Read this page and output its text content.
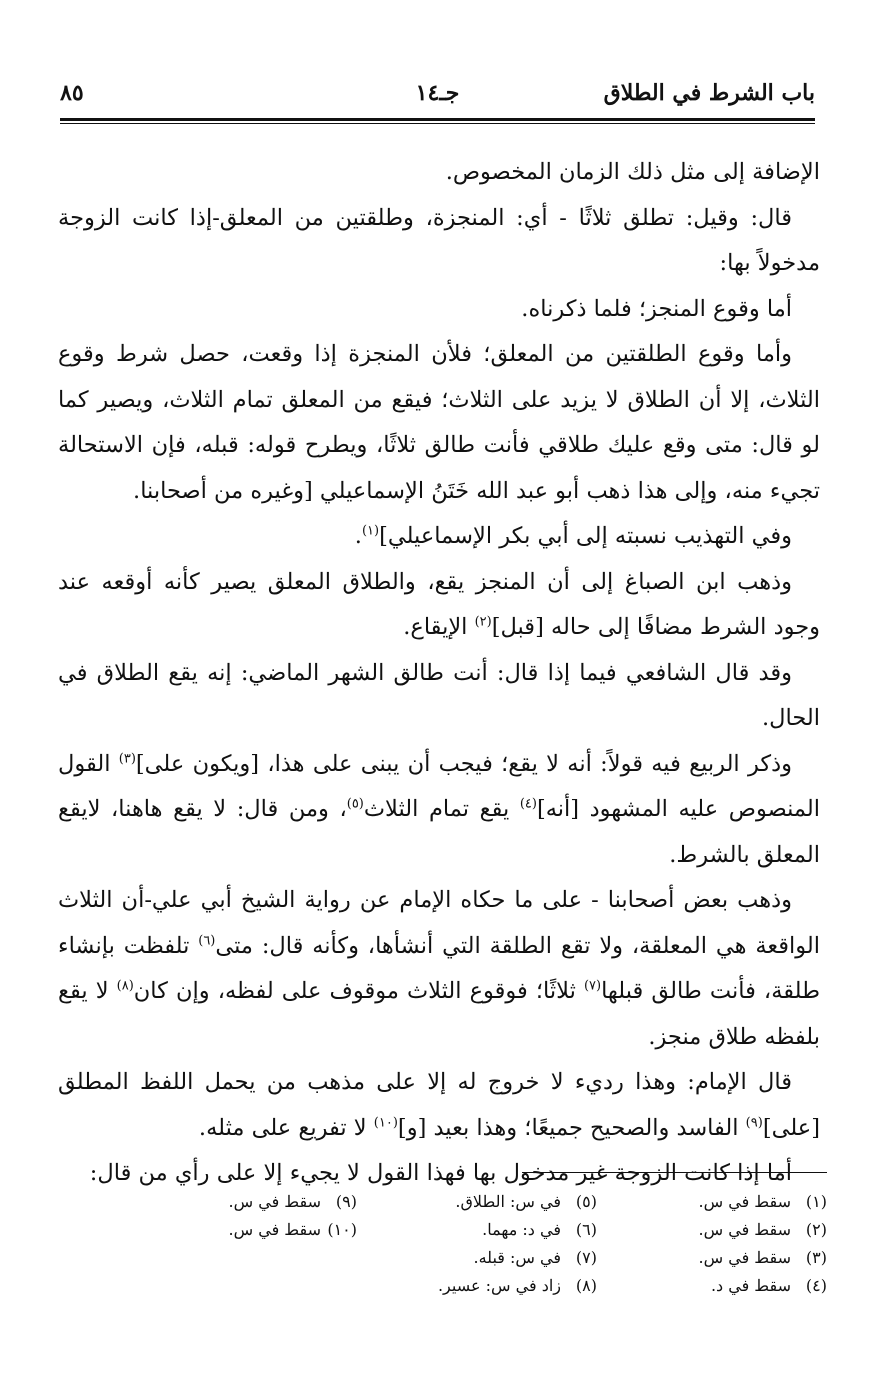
باب الشرط في الطلاق
جـ١٤
٨٥

الإضافة إلى مثل ذلك الزمان المخصوص.

قال: وقيل: تطلق ثلاثًا - أي: المنجزة، وطلقتين من المعلق-إذا كانت الزوجة مدخولاً بها:

أما وقوع المنجز؛ فلما ذكرناه.

وأما وقوع الطلقتين من المعلق؛ فلأن المنجزة إذا وقعت، حصل شرط وقوع الثلاث، إلا أن الطلاق لا يزيد على الثلاث؛ فيقع من المعلق تمام الثلاث، ويصير كما لو قال: متى وقع عليك طلاقي فأنت طالق ثلاثًا، ويطرح قوله: قبله، فإن الاستحالة تجيء منه، وإلى هذا ذهب أبو عبد الله خَتَنُ الإسماعيلي [وغيره من أصحابنا.

وفي التهذيب نسبته إلى أبي بكر الإسماعيلي]$^{(١)}$.

وذهب ابن الصباغ إلى أن المنجز يقع، والطلاق المعلق يصير كأنه أوقعه عند وجود الشرط مضافًا إلى حاله [قبل]$^{(٢)}$ الإيقاع.

وقد قال الشافعي فيما إذا قال: أنت طالق الشهر الماضي: إنه يقع الطلاق في الحال.

وذكر الربيع فيه قولاً: أنه لا يقع؛ فيجب أن يبنى على هذا، [ويكون على]$^{(٣)}$ القول المنصوص عليه المشهود [أنه]$^{(٤)}$ يقع تمام الثلاث$^{(٥)}$، ومن قال: لا يقع هاهنا، لايقع المعلق بالشرط.

وذهب بعض أصحابنا - على ما حكاه الإمام عن رواية الشيخ أبي علي-أن الثلاث الواقعة هي المعلقة، ولا تقع الطلقة التي أنشأها، وكأنه قال: متى$^{(٦)}$ تلفظت بإنشاء طلقة، فأنت طالق قبلها$^{(٧)}$ ثلاثًا؛ فوقوع الثلاث موقوف على لفظه، وإن كان$^{(٨)}$ لا يقع بلفظه طلاق منجز.

قال الإمام: وهذا رديء لا خروج له إلا على مذهب من يحمل اللفظ المطلق [على]$^{(٩)}$ الفاسد والصحيح جميعًا؛ وهذا بعيد [و]$^{(١٠)}$ لا تفريع على مثله.

أما إذا كانت الزوجة غير مدخول بها فهذا القول لا يجيء إلا على رأي من قال:

(١)سقط في س.
(٢)سقط في س.
(٣)سقط في س.
(٤)سقط في د.
(٥)في س: الطلاق.
(٦)في د: مهما.
(٧)في س: قبله.
(٨)زاد في س: عسير.
(٩)سقط في س.
(١٠)سقط في س.
